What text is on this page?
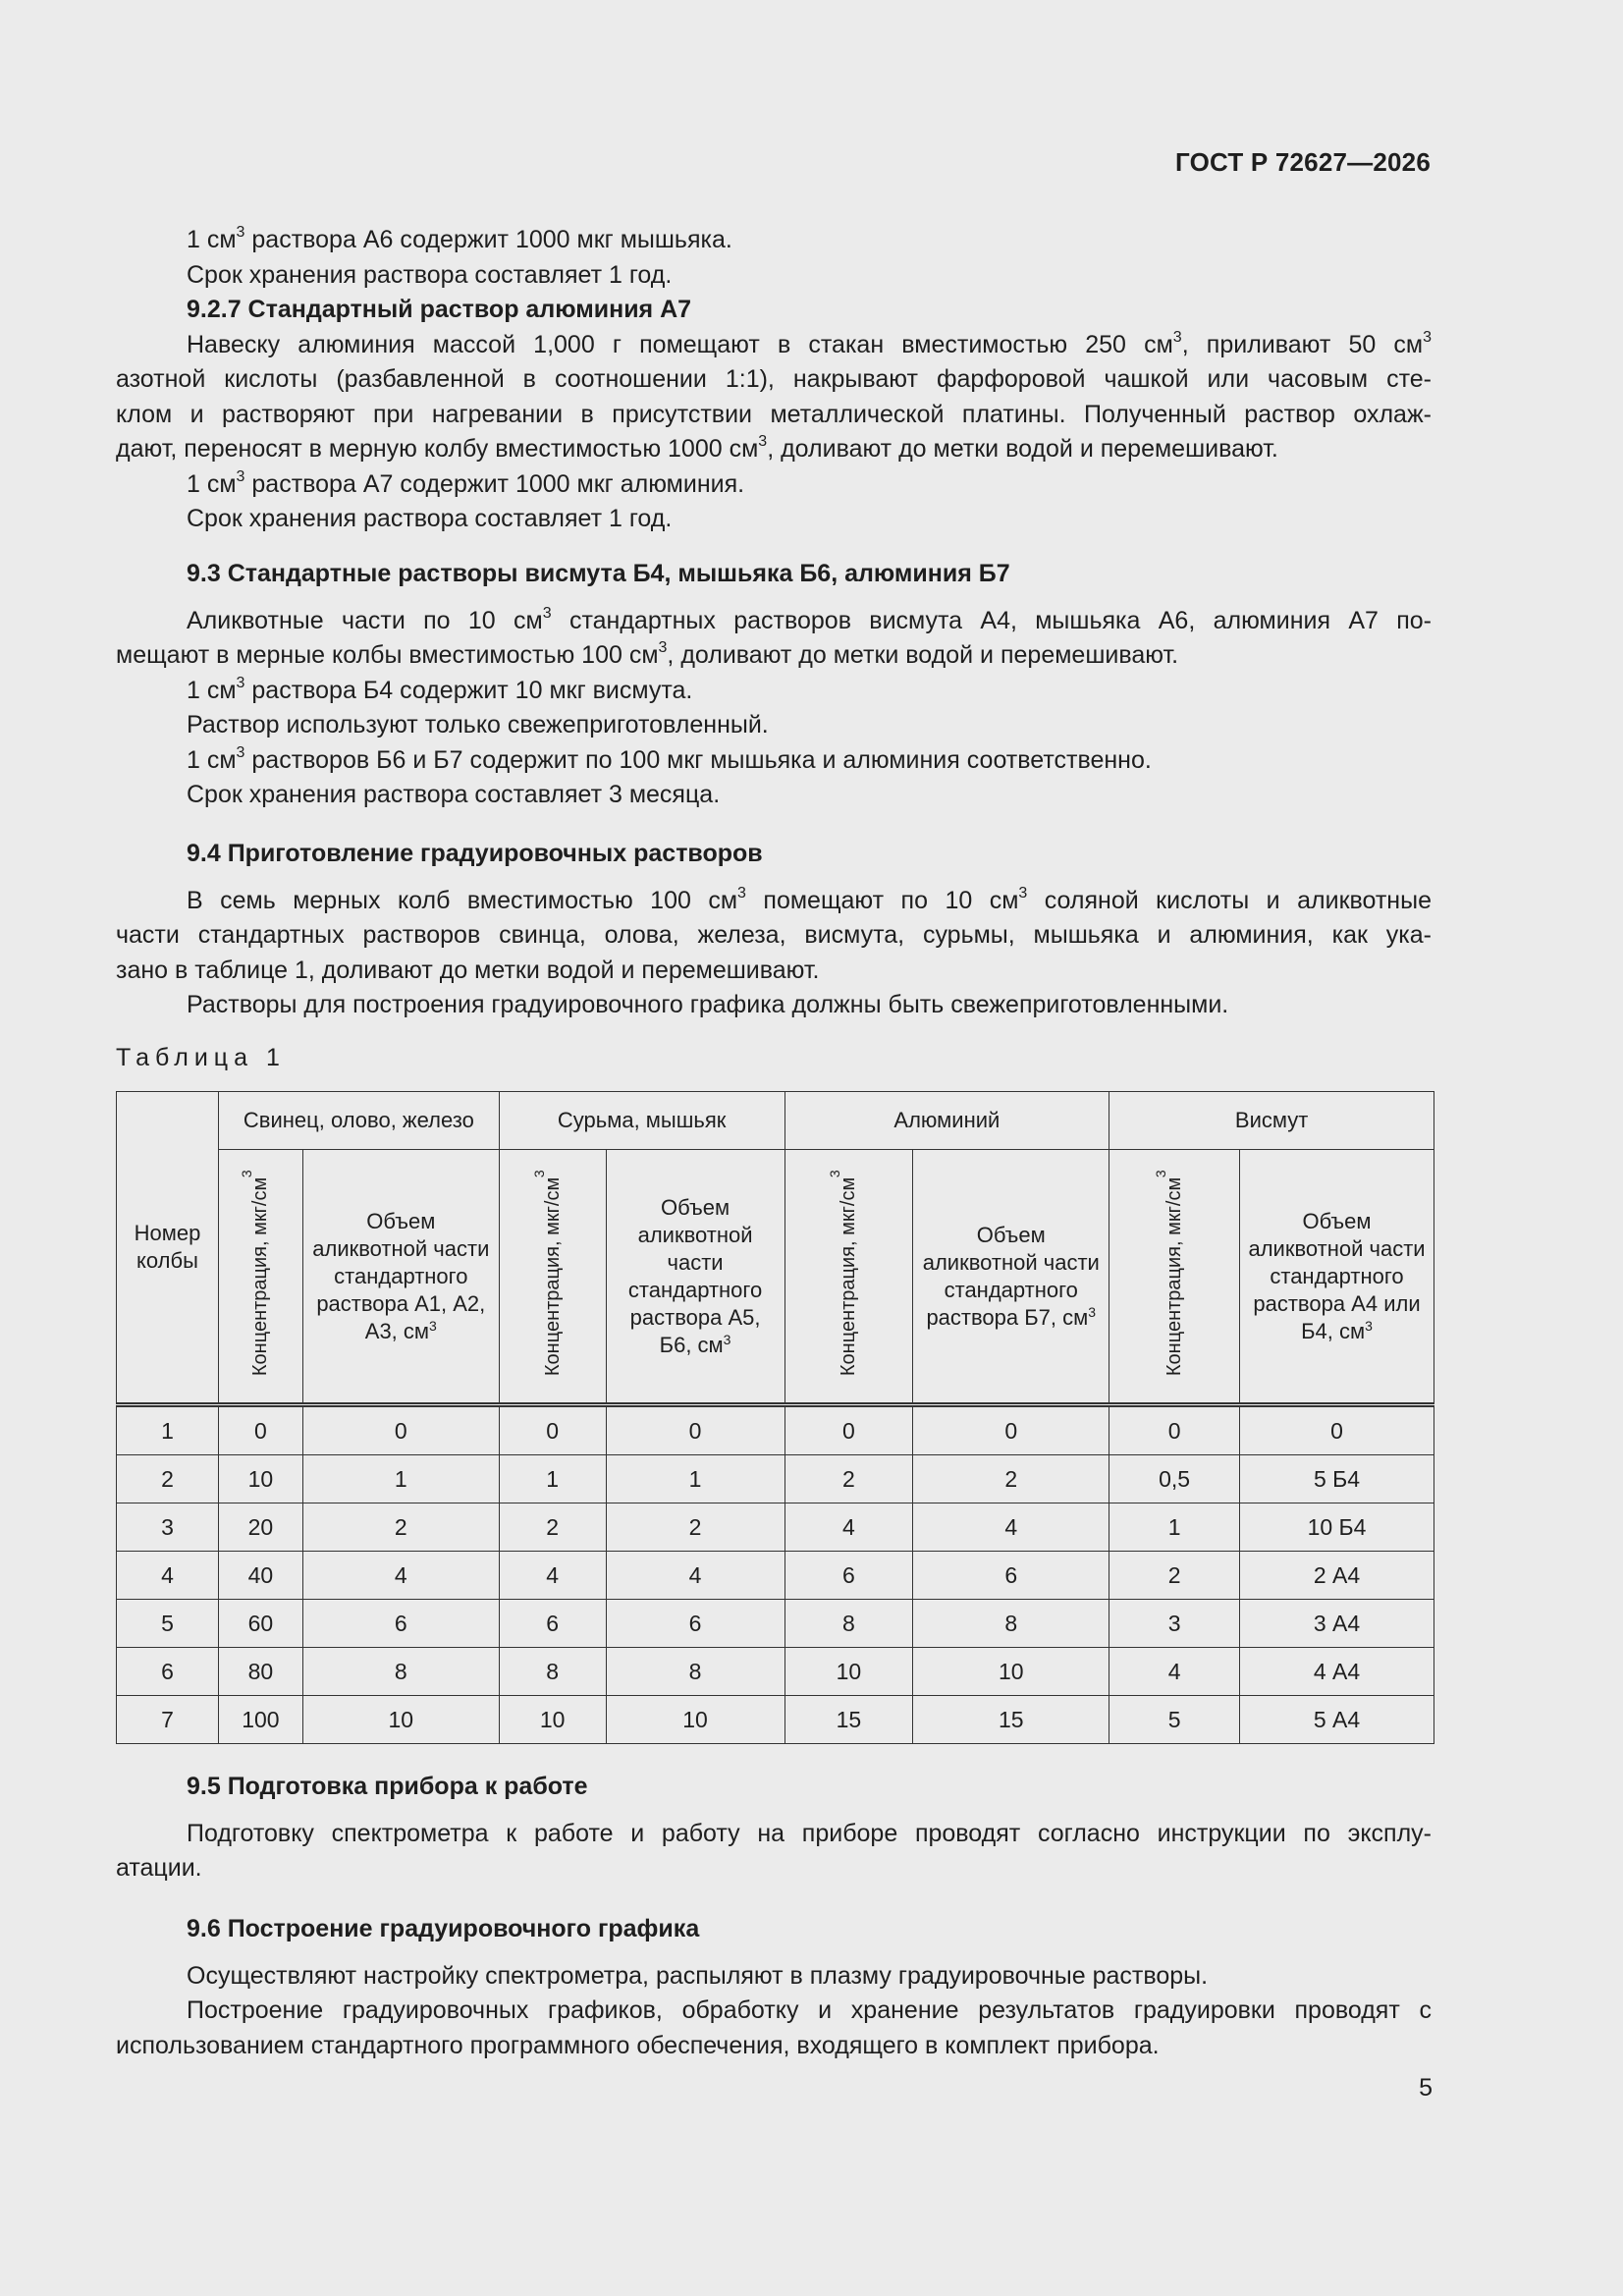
ГОСТ Р 72627—2026

1 $см^3$ раствора А6 содержит 1000 мкг мышьяка.

Срок хранения раствора составляет 1 год.

9.2.7 Стандартный раствор алюминия А7

Навеску алюминия массой 1,000 г помещают в стакан вместимостью 250 $см^3$, приливают 50 $см^3$

азотной кислоты (разбавленной в соотношении 1:1), накрывают фарфоровой чашкой или часовым сте-

клом и растворяют при нагревании в присутствии металлической платины. Полученный раствор охлаж-

дают, переносят в мерную колбу вместимостью 1000 $см^3$, доливают до метки водой и перемешивают.

1 $см^3$ раствора А7 содержит 1000 мкг алюминия.

Срок хранения раствора составляет 1 год.

9.3 Стандартные растворы висмута Б4, мышьяка Б6, алюминия Б7

Аликвотные части по 10 $см^3$ стандартных растворов висмута А4, мышьяка А6, алюминия А7 по-

мещают в мерные колбы вместимостью 100 $см^3$, доливают до метки водой и перемешивают.

1 $см^3$ раствора Б4 содержит 10 мкг висмута.

Раствор используют только свежеприготовленный.

1 $см^3$ растворов Б6 и Б7 содержит по 100 мкг мышьяка и алюминия соответственно.

Срок хранения раствора составляет 3 месяца.

9.4 Приготовление градуировочных растворов

В семь мерных колб вместимостью 100 $см^3$ помещают по 10 $см^3$ соляной кислоты и аликвотные

части стандартных растворов свинца, олова, железа, висмута, сурьмы, мышьяка и алюминия, как ука-

зано в таблице 1, доливают до метки водой и перемешивают.

Растворы для построения градуировочного графика должны быть свежеприготовленными.

Таблица 1
Номер колбы	Свинец, олово, железо		Сурьма, мышьяк		Алюминий		Висмут	
	Концентрация, мкг/$см^3$	Объем аликвотной части стандартного раствора А1, А2, А3, $см^3$	Концентрация, мкг/$см^3$	Объем аликвотной части стандартного раствора А5, Б6, $см^3$	Концентрация, мкг/$см^3$	Объем аликвотной части стандартного раствора Б7, $см^3$	Концентрация, мкг/$см^3$	Объем аликвотной части стандартного раствора А4 или Б4, $см^3$
1	0	0	0	0	0	0	0	0
2	10	1	1	1	2	2	0,5	5 Б4
3	20	2	2	2	4	4	1	10 Б4
4	40	4	4	4	6	6	2	2 А4
5	60	6	6	6	8	8	3	3 А4
6	80	8	8	8	10	10	4	4 А4
7	100	10	10	10	15	15	5	5 А4

9.5 Подготовка прибора к работе

Подготовку спектрометра к работе и работу на приборе проводят согласно инструкции по эксплу-

атации.

9.6 Построение градуировочного графика

Осуществляют настройку спектрометра, распыляют в плазму градуировочные растворы.

Построение градуировочных графиков, обработку и хранение результатов градуировки проводят с

использованием стандартного программного обеспечения, входящего в комплект прибора.

5
